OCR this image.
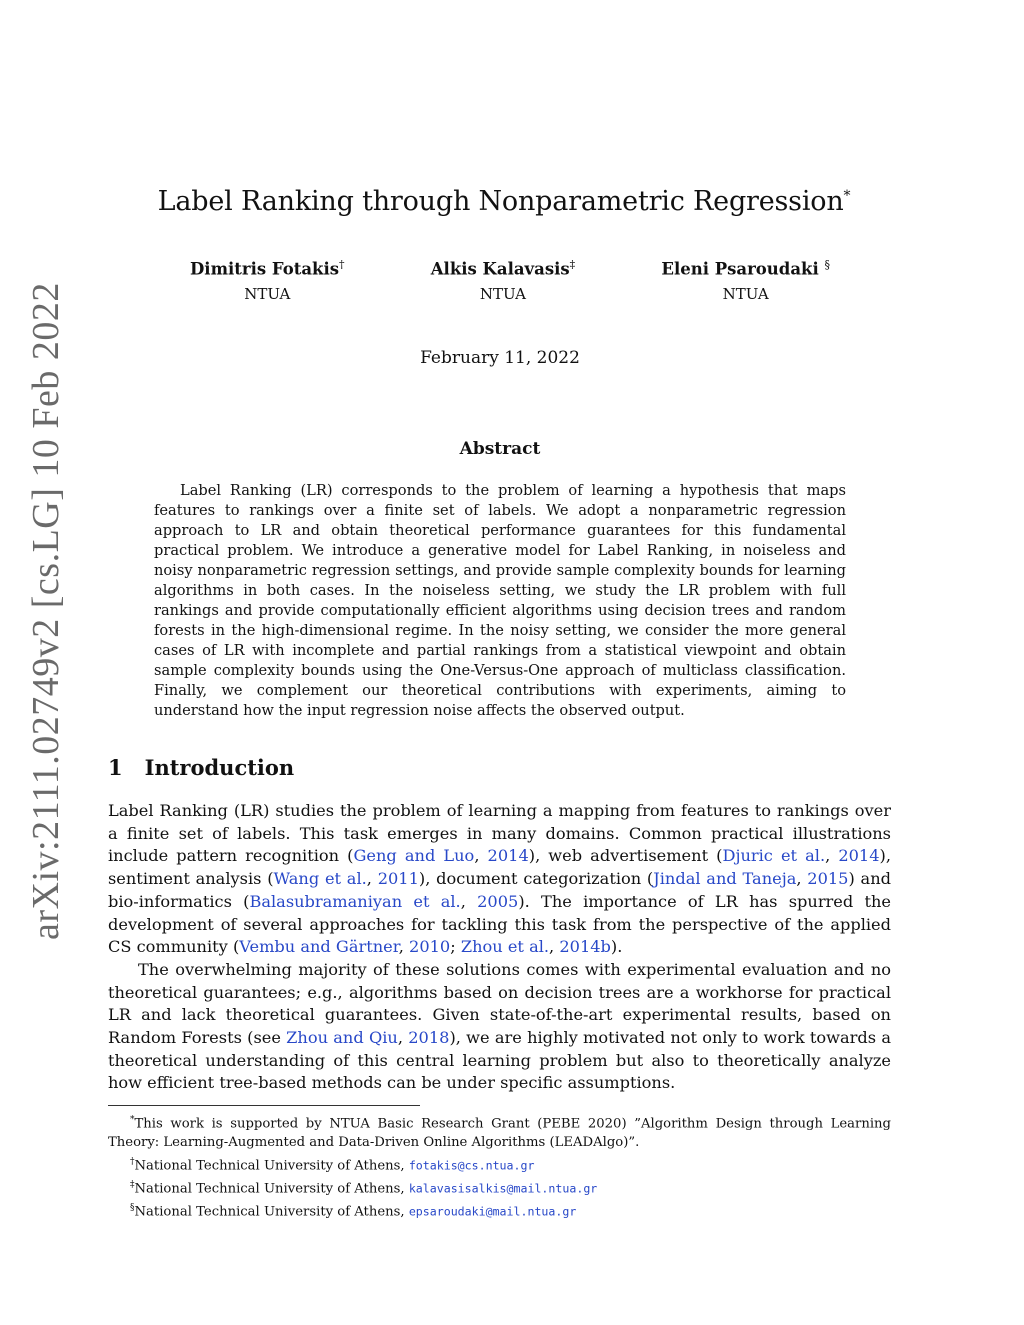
arXiv:2111.02749v2 [cs.LG] 10 Feb 2022
Label Ranking through Nonparametric Regression*
Dimitris Fotakis†
NTUA
Alkis Kalavasis‡
NTUA
Eleni Psaroudaki §
NTUA
February 11, 2022
Abstract
Label Ranking (LR) corresponds to the problem of learning a hypothesis that maps features to rankings over a finite set of labels. We adopt a nonparametric regression approach to LR and obtain theoretical performance guarantees for this fundamental practical problem. We introduce a generative model for Label Ranking, in noiseless and noisy nonparametric regression settings, and provide sample complexity bounds for learning algorithms in both cases. In the noiseless setting, we study the LR problem with full rankings and provide computationally efficient algorithms using decision trees and random forests in the high-dimensional regime. In the noisy setting, we consider the more general cases of LR with incomplete and partial rankings from a statistical viewpoint and obtain sample complexity bounds using the One-Versus-One approach of multiclass classification. Finally, we complement our theoretical contributions with experiments, aiming to understand how the input regression noise affects the observed output.
1 Introduction

Label Ranking (LR) studies the problem of learning a mapping from features to rankings over a finite set of labels. This task emerges in many domains. Common practical illustrations include pattern recognition (Geng and Luo, 2014), web advertisement (Djuric et al., 2014), sentiment analysis (Wang et al., 2011), document categorization (Jindal and Taneja, 2015) and bio-informatics (Balasubramaniyan et al., 2005). The importance of LR has spurred the development of several approaches for tackling this task from the perspective of the applied CS community (Vembu and Gärtner, 2010; Zhou et al., 2014b).

The overwhelming majority of these solutions comes with experimental evaluation and no theoretical guarantees; e.g., algorithms based on decision trees are a workhorse for practical LR and lack theoretical guarantees. Given state-of-the-art experimental results, based on Random Forests (see Zhou and Qiu, 2018), we are highly motivated not only to work towards a theoretical understanding of this central learning problem but also to theoretically analyze how efficient tree-based methods can be under specific assumptions.

*This work is supported by NTUA Basic Research Grant (PEBE 2020) ”Algorithm Design through Learning Theory: Learning-Augmented and Data-Driven Online Algorithms (LEADAlgo)”.
†National Technical University of Athens, fotakis@cs.ntua.gr
‡National Technical University of Athens, kalavasisalkis@mail.ntua.gr
§National Technical University of Athens, epsaroudaki@mail.ntua.gr
